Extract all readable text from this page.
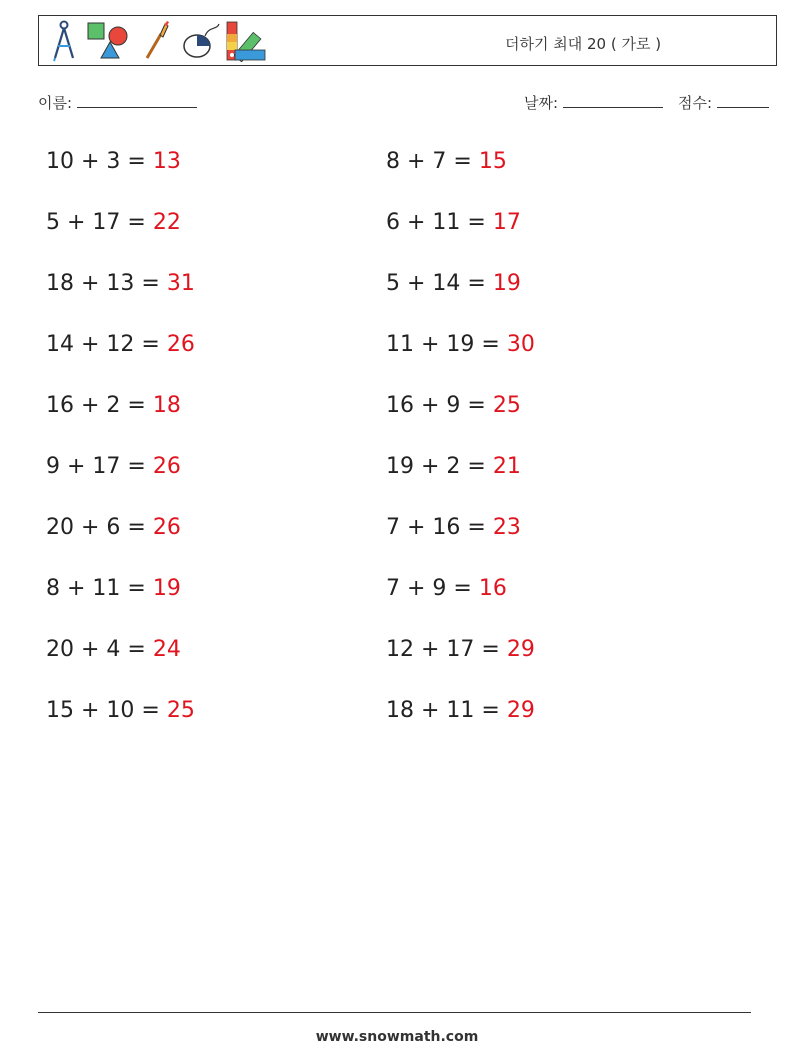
더하기 최대 20 ( 가로 )
이름:	날짜:	점수:
10 + 3 = 13
5 + 17 = 22
18 + 13 = 31
14 + 12 = 26
16 + 2 = 18
9 + 17 = 26
20 + 6 = 26
8 + 11 = 19
20 + 4 = 24
15 + 10 = 25
8 + 7 = 15
6 + 11 = 17
5 + 14 = 19
11 + 19 = 30
16 + 9 = 25
19 + 2 = 21
7 + 16 = 23
7 + 9 = 16
12 + 17 = 29
18 + 11 = 29
www.snowmath.com
